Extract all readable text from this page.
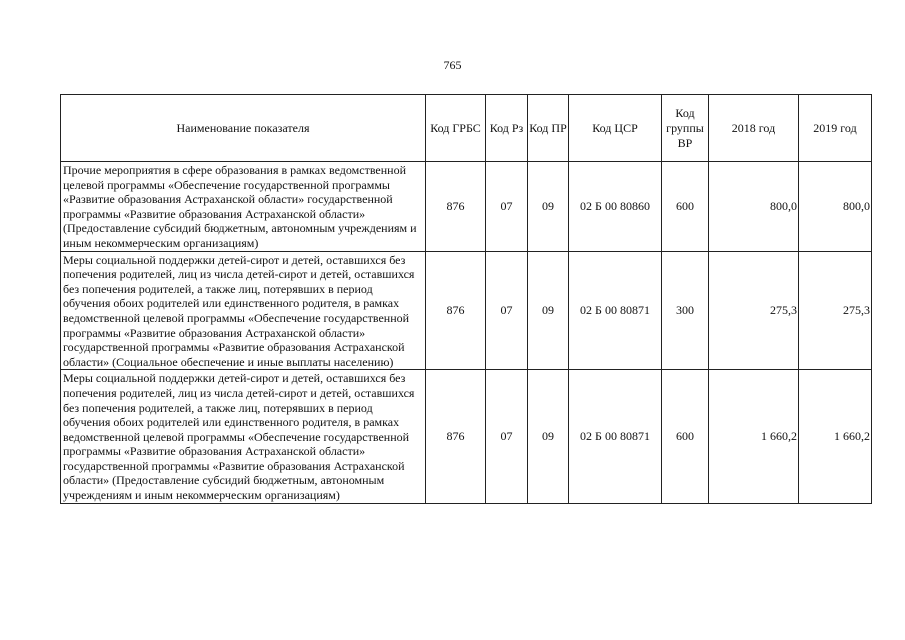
765
Наименование показателя	Код ГРБС	Код Рз	Код ПР	Код ЦСР	Код группы ВР	2018 год	2019 год
Прочие мероприятия в сфере образования в рамках ведомственной целевой программы «Обеспечение государственной программы «Развитие образования Астраханской области» государственной программы «Развитие образования Астраханской области» (Предоставление субсидий бюджетным, автономным учреждениям и иным некоммерческим организациям)	876	07	09	02 Б 00 80860	600	800,0	800,0
Меры социальной поддержки детей-сирот и детей, оставшихся без попечения родителей, лиц из числа детей-сирот и детей, оставшихся без попечения родителей, а также лиц, потерявших в период обучения обоих родителей или единственного родителя, в рамках ведомственной целевой программы «Обеспечение государственной программы «Развитие образования Астраханской области» государственной программы «Развитие образования Астраханской области» (Социальное обеспечение и иные выплаты населению)	876	07	09	02 Б 00 80871	300	275,3	275,3
Меры социальной поддержки детей-сирот и детей, оставшихся без попечения родителей, лиц из числа детей-сирот и детей, оставшихся без попечения родителей, а также лиц, потерявших в период обучения обоих родителей или единственного родителя, в рамках ведомственной целевой программы «Обеспечение государственной программы «Развитие образования Астраханской области» государственной программы «Развитие образования Астраханской области» (Предоставление субсидий бюджетным, автономным учреждениям и иным некоммерческим организациям)	876	07	09	02 Б 00 80871	600	1 660,2	1 660,2
